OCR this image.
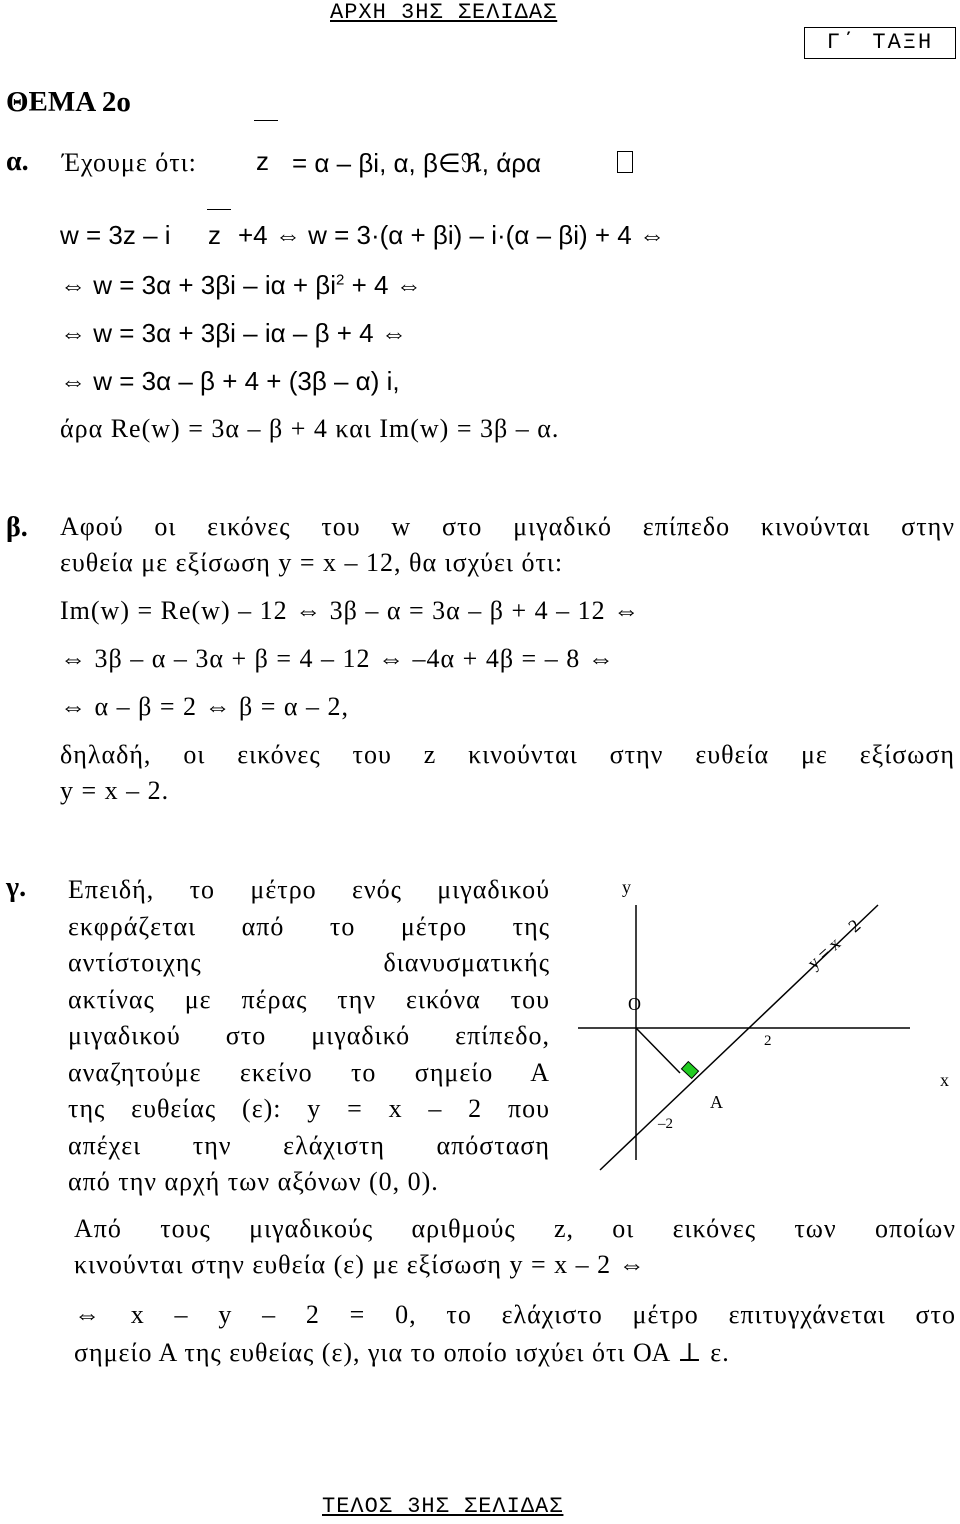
ΑΡΧΗ 3ΗΣ ΣΕΛΙΔΑΣ
Γ΄ ΤΑΞΗ
ΘΕΜΑ 2ο
α. Έχουμε ότι: z = α – βi, α, β∈ℜ, άρα
w = 3z – i z +4 ⇔ w = 3·(α + βi) – i·(α – βi) + 4 ⇔
⇔ $w = 3\alpha + 3\beta i - i\alpha + \beta i^2 + 4$ ⇔
⇔ w = 3α + 3βi – iα – β + 4 ⇔
⇔ w = 3α – β + 4 + (3β – α) i,
άρα Re(w) = 3α – β + 4 και Im(w) = 3β – α.
β. Αφού οι εικόνες του w στο μιγαδικό επίπεδο κινούνται στην
ευθεία με εξίσωση y = x – 12, θα ισχύει ότι:
Im(w) = Re(w) – 12 ⇔ 3β – α = 3α – β + 4 – 12 ⇔
⇔ 3β – α – 3α + β = 4 – 12 ⇔ –4α + 4β = – 8 ⇔
⇔ α – β = 2 ⇔ β = α – 2,
δηλαδή, οι εικόνες του z κινούνται στην ευθεία με εξίσωση
y = x – 2.
γ. Επειδή, το μέτρο ενός μιγαδικού
εκφράζεται από το μέτρο της
αντίστοιχης διανυσματικής
ακτίνας με πέρας την εικόνα του
μιγαδικού στο μιγαδικό επίπεδο,
αναζητούμε εκείνο το σημείο Α
της ευθείας (ε): y = x – 2 που
απέχει την ελάχιστη απόσταση
από την αρχή των αξόνων (0, 0).
y
x
O
2
–2
A
y = x – 2
Από τους μιγαδικούς αριθμούς z, οι εικόνες των οποίων
κινούνται στην ευθεία (ε) με εξίσωση y = x – 2 ⇔
⇔ x – y – 2 = 0, το ελάχιστο μέτρο επιτυγχάνεται στο
σημείο Α της ευθείας (ε), για το οποίο ισχύει ότι ΟΑ ⊥ ε.
ΤΕΛΟΣ 3ΗΣ ΣΕΛΙΔΑΣ
